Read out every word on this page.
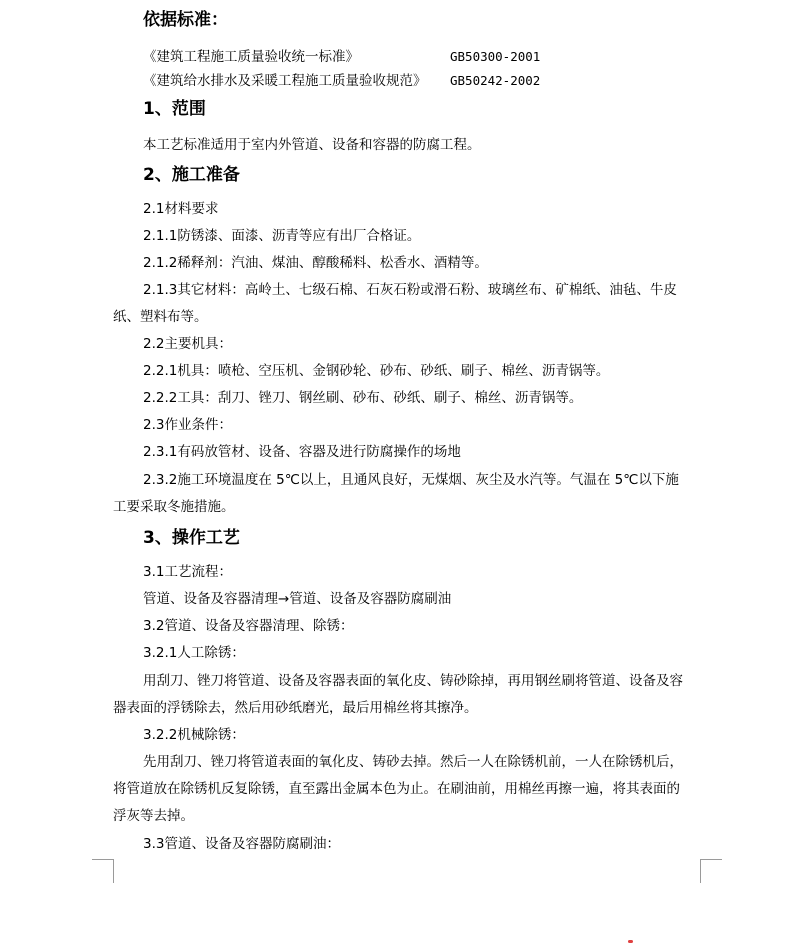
依据标准：
《建筑工程施工质量验收统一标准》	GB50300-2001
《建筑给水排水及采暖工程施工质量验收规范》 GB50242-2002
1、范围
本工艺标准适用于室内外管道、设备和容器的防腐工程。
2、施工准备
2.1材料要求
2.1.1防锈漆、面漆、沥青等应有出厂合格证。
2.1.2稀释剂：汽油、煤油、醇酸稀料、松香水、酒精等。
2.1.3其它材料：高岭土、七级石棉、石灰石粉或滑石粉、玻璃丝布、矿棉纸、油毡、牛皮
纸、塑料布等。
2.2主要机具：
2.2.1机具：喷枪、空压机、金钢砂轮、砂布、砂纸、刷子、棉丝、沥青锅等。
2.2.2工具：刮刀、锉刀、钢丝刷、砂布、砂纸、刷子、棉丝、沥青锅等。
2.3作业条件：
2.3.1有码放管材、设备、容器及进行防腐操作的场地
2.3.2施工环境温度在 5℃以上，且通风良好，无煤烟、灰尘及水汽等。气温在 5℃以下施
工要采取冬施措施。
3、操作工艺
3.1工艺流程：
管道、设备及容器清理→管道、设备及容器防腐刷油
3.2管道、设备及容器清理、除锈：
3.2.1人工除锈：
用刮刀、锉刀将管道、设备及容器表面的氧化皮、铸砂除掉，再用钢丝刷将管道、设备及容
器表面的浮锈除去，然后用砂纸磨光，最后用棉丝将其擦净。
3.2.2机械除锈：
先用刮刀、锉刀将管道表面的氧化皮、铸砂去掉。然后一人在除锈机前，一人在除锈机后，
将管道放在除锈机反复除锈，直至露出金属本色为止。在刷油前，用棉丝再擦一遍，将其表面的
浮灰等去掉。
3.3管道、设备及容器防腐刷油：
